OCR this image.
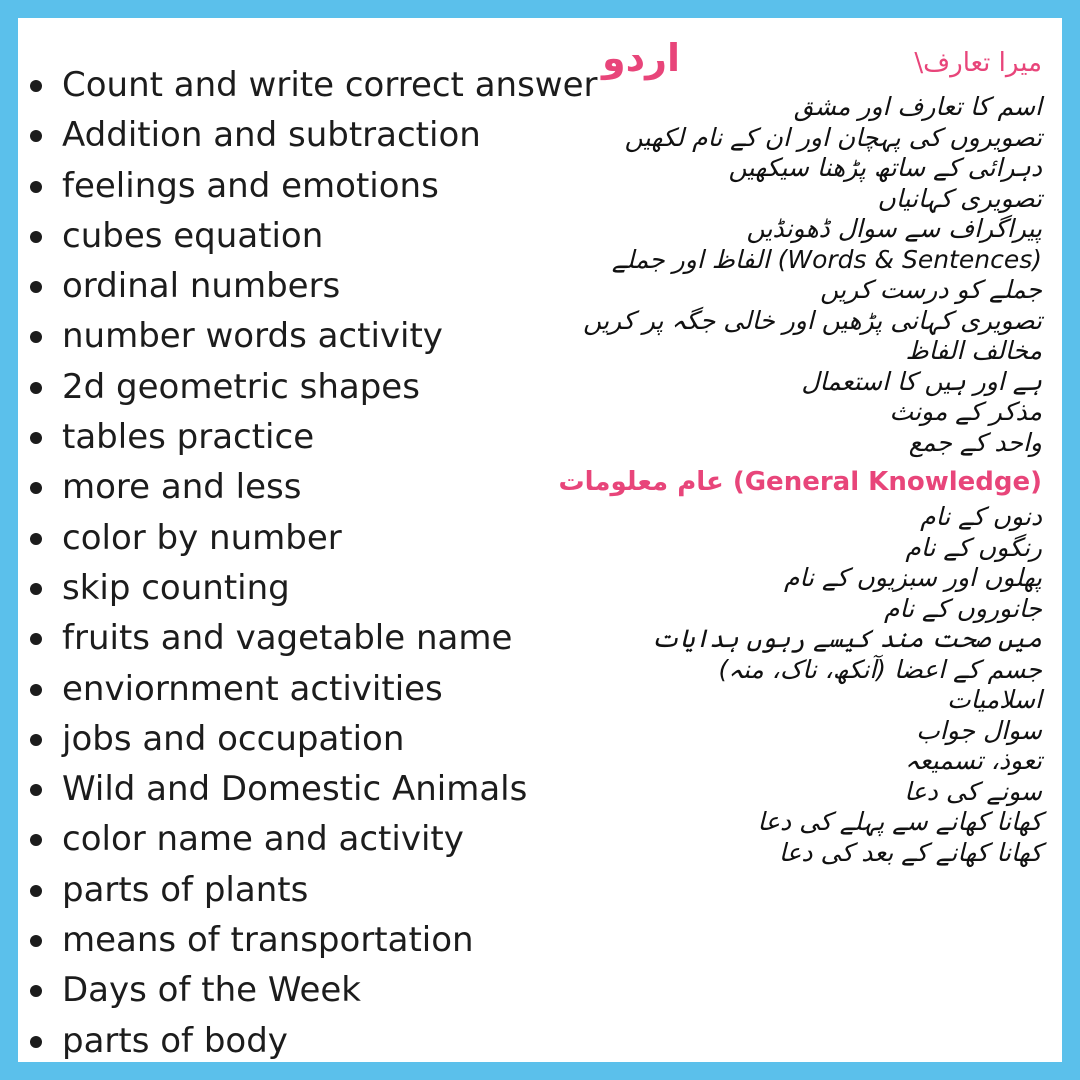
Count and write correct answer
Addition and subtraction
feelings and emotions
cubes equation
ordinal numbers
number words activity
2d geometric shapes
tables practice
more and less
color by number
skip counting
fruits and vagetable name
enviornment activities
jobs and occupation
Wild and Domestic Animals
color name and activity
parts of plants
means of transportation
Days of the Week
parts of body
اردو	میرا تعارف\
اسم کا تعارف اور مشق
تصویروں کی پہچان اور ان کے نام لکھیں
دہرائی کے ساتھ پڑھنا سیکھیں
تصویری کہانیاں
پیراگراف سے سوال ڈھونڈیں
(Words & Sentences) الفاظ اور جملے
جملے کو درست کریں
تصویری کہانی پڑھیں اور خالی جگہ پر کریں
مخالف الفاظ
ہے اور ہیں کا استعمال
مذکر کے مونث
واحد کے جمع
(General Knowledge) عام معلومات
دنوں کے نام
رنگوں کے نام
پھلوں اور سبزیوں کے نام
جانوروں کے نام
میں صحت مند کیسے رہوں ہدایات
جسم کے اعضا (آنکھ، ناک، منہ)
اسلامیات
سوال جواب
تعوذ، تسمیعہ
سونے کی دعا
کھانا کھانے سے پہلے کی دعا
کھانا کھانے کے بعد کی دعا
